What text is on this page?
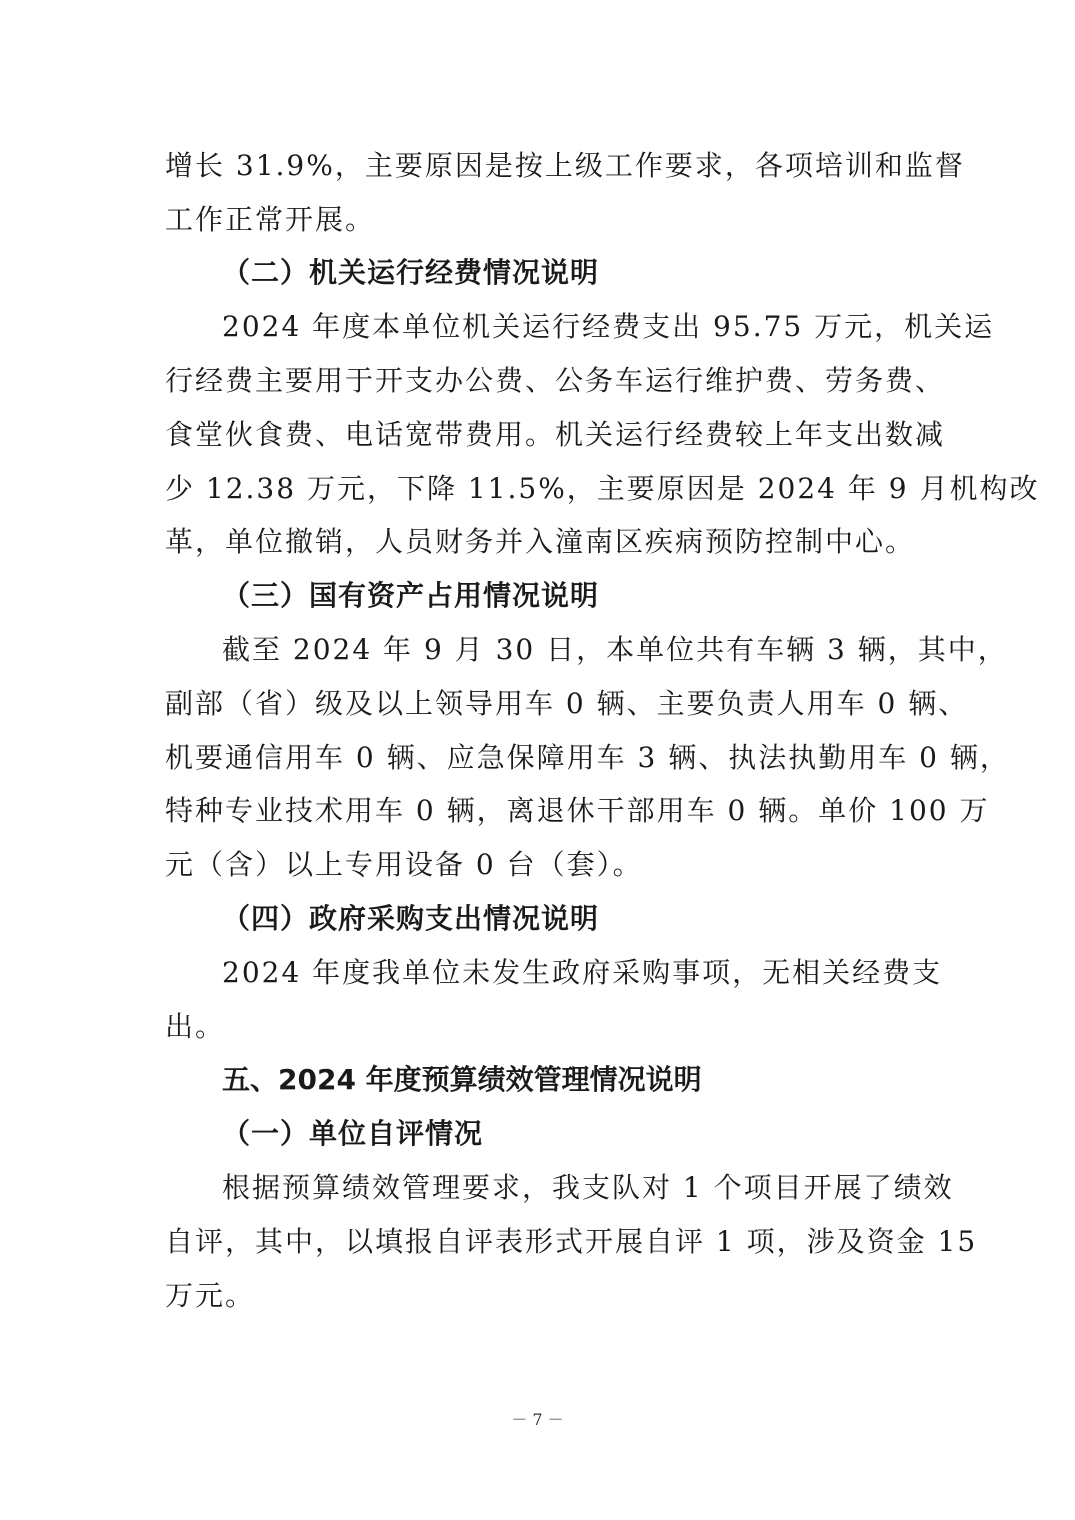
增长 31.9%，主要原因是按上级工作要求，各项培训和监督
工作正常开展。
（二）机关运行经费情况说明
2024 年度本单位机关运行经费支出 95.75 万元，机关运
行经费主要用于开支办公费、公务车运行维护费、劳务费、
食堂伙食费、电话宽带费用。机关运行经费较上年支出数减
少 12.38 万元，下降 11.5%，主要原因是 2024 年 9 月机构改
革，单位撤销，人员财务并入潼南区疾病预防控制中心。
（三）国有资产占用情况说明
截至 2024 年 9 月 30 日，本单位共有车辆 3 辆，其中，
副部（省）级及以上领导用车 0 辆、主要负责人用车 0 辆、
机要通信用车 0 辆、应急保障用车 3 辆、执法执勤用车 0 辆，
特种专业技术用车 0 辆，离退休干部用车 0 辆。单价 100 万
元（含）以上专用设备 0 台（套）。
（四）政府采购支出情况说明
2024 年度我单位未发生政府采购事项，无相关经费支
出。
五、2024 年度预算绩效管理情况说明
（一）单位自评情况
根据预算绩效管理要求，我支队对 1 个项目开展了绩效
自评，其中，以填报自评表形式开展自评 1 项，涉及资金 15
万元。
－ 7 －
